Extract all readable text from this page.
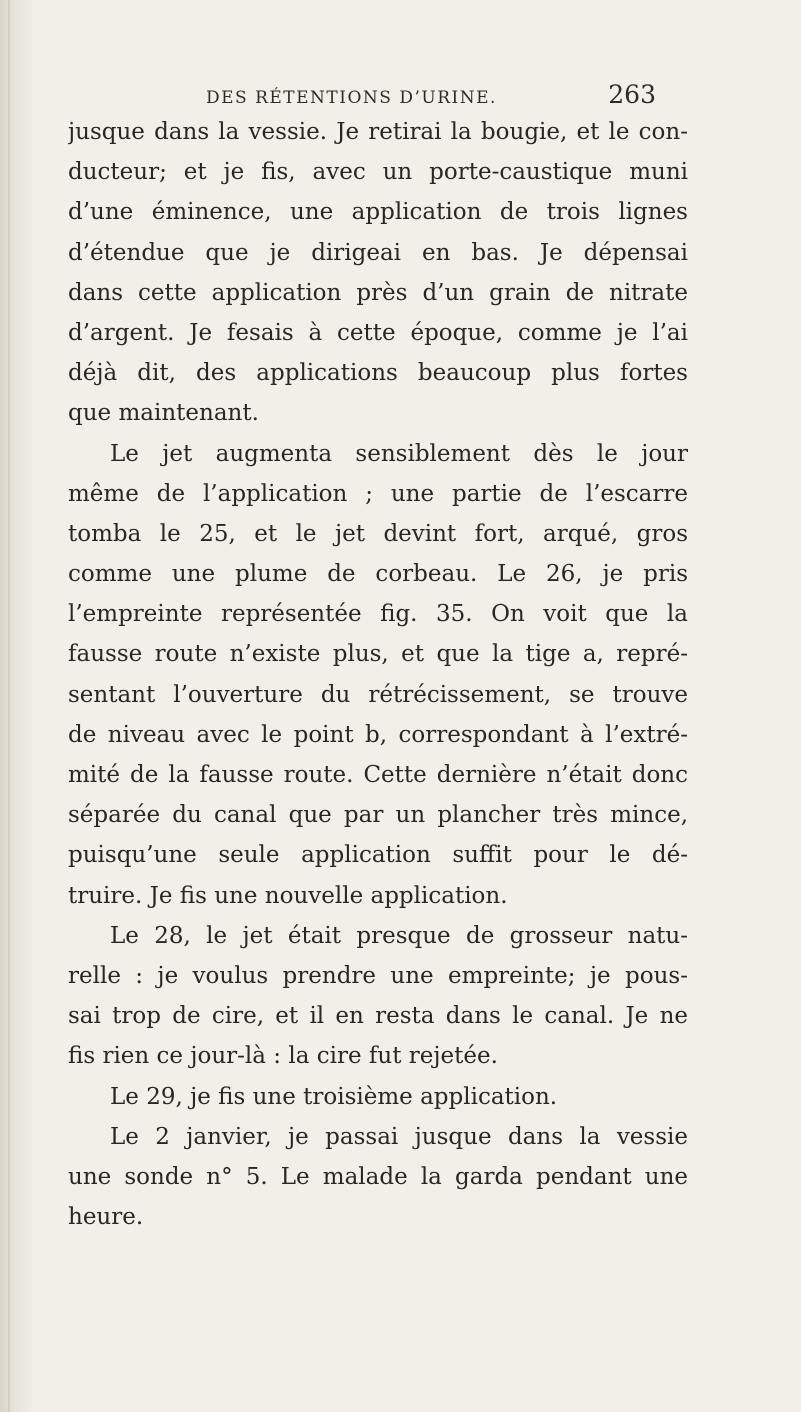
DES RÉTENTIONS D’URINE.	263
jusque dans la vessie. Je retirai la bougie, et le con-
ducteur; et je fis, avec un porte-caustique muni
d’une éminence, une application de trois lignes
d’étendue que je dirigeai en bas. Je dépensai
dans cette application près d’un grain de nitrate
d’argent. Je fesais à cette époque, comme je l’ai
déjà dit, des applications beaucoup plus fortes
que maintenant.
Le jet augmenta sensiblement dès le jour
même de l’application ; une partie de l’escarre
tomba le 25, et le jet devint fort, arqué, gros
comme une plume de corbeau. Le 26, je pris
l’empreinte représentée fig. 35. On voit que la
fausse route n’existe plus, et que la tige a, repré-
sentant l’ouverture du rétrécissement, se trouve
de niveau avec le point b, correspondant à l’extré-
mité de la fausse route. Cette dernière n’était donc
séparée du canal que par un plancher très mince,
puisqu’une seule application suffit pour le dé-
truire. Je fis une nouvelle application.
Le 28, le jet était presque de grosseur natu-
relle : je voulus prendre une empreinte; je pous-
sai trop de cire, et il en resta dans le canal. Je ne
fis rien ce jour-là : la cire fut rejetée.
Le 29, je fis une troisième application.
Le 2 janvier, je passai jusque dans la vessie
une sonde n° 5. Le malade la garda pendant une
heure.
